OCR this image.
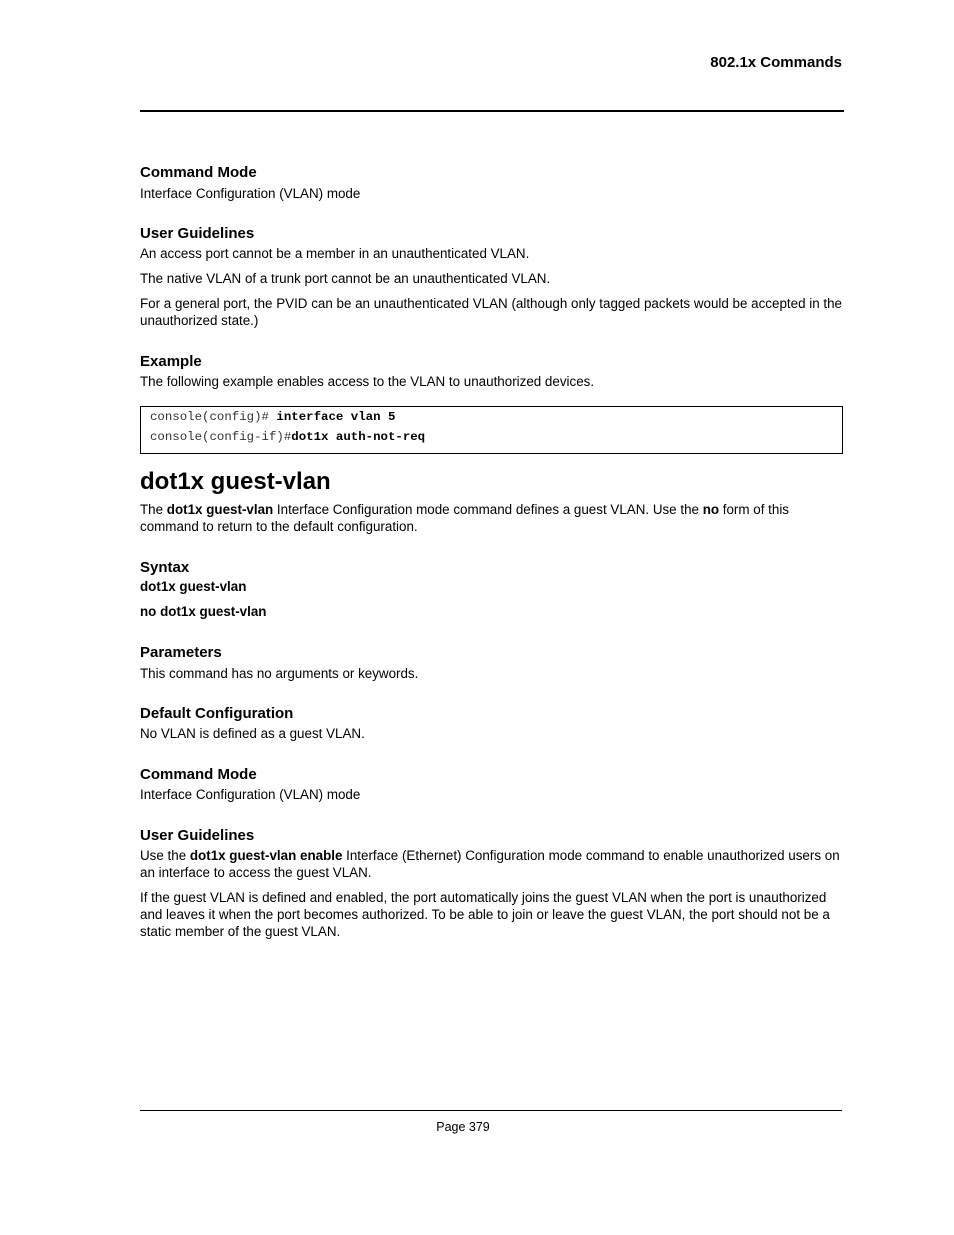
802.1x Commands
Command Mode
Interface Configuration (VLAN) mode
User Guidelines
An access port cannot be a member in an unauthenticated VLAN.
The native VLAN of a trunk port cannot be an unauthenticated VLAN.
For a general port, the PVID can be an unauthenticated VLAN (although only tagged packets would be accepted in the unauthorized state.)
Example
The following example enables access to the VLAN to unauthorized devices.
console(config)# interface vlan 5
console(config-if)#dot1x auth-not-req
dot1x guest-vlan
The dot1x guest-vlan Interface Configuration mode command defines a guest VLAN. Use the no form of this command to return to the default configuration.
Syntax
dot1x guest-vlan
no dot1x guest-vlan
Parameters
This command has no arguments or keywords.
Default Configuration
No VLAN is defined as a guest VLAN.
Command Mode
Interface Configuration (VLAN) mode
User Guidelines
Use the dot1x guest-vlan enable Interface (Ethernet) Configuration mode command to enable unauthorized users on an interface to access the guest VLAN.
If the guest VLAN is defined and enabled, the port automatically joins the guest VLAN when the port is unauthorized and leaves it when the port becomes authorized. To be able to join or leave the guest VLAN, the port should not be a static member of the guest VLAN.
Page 379
